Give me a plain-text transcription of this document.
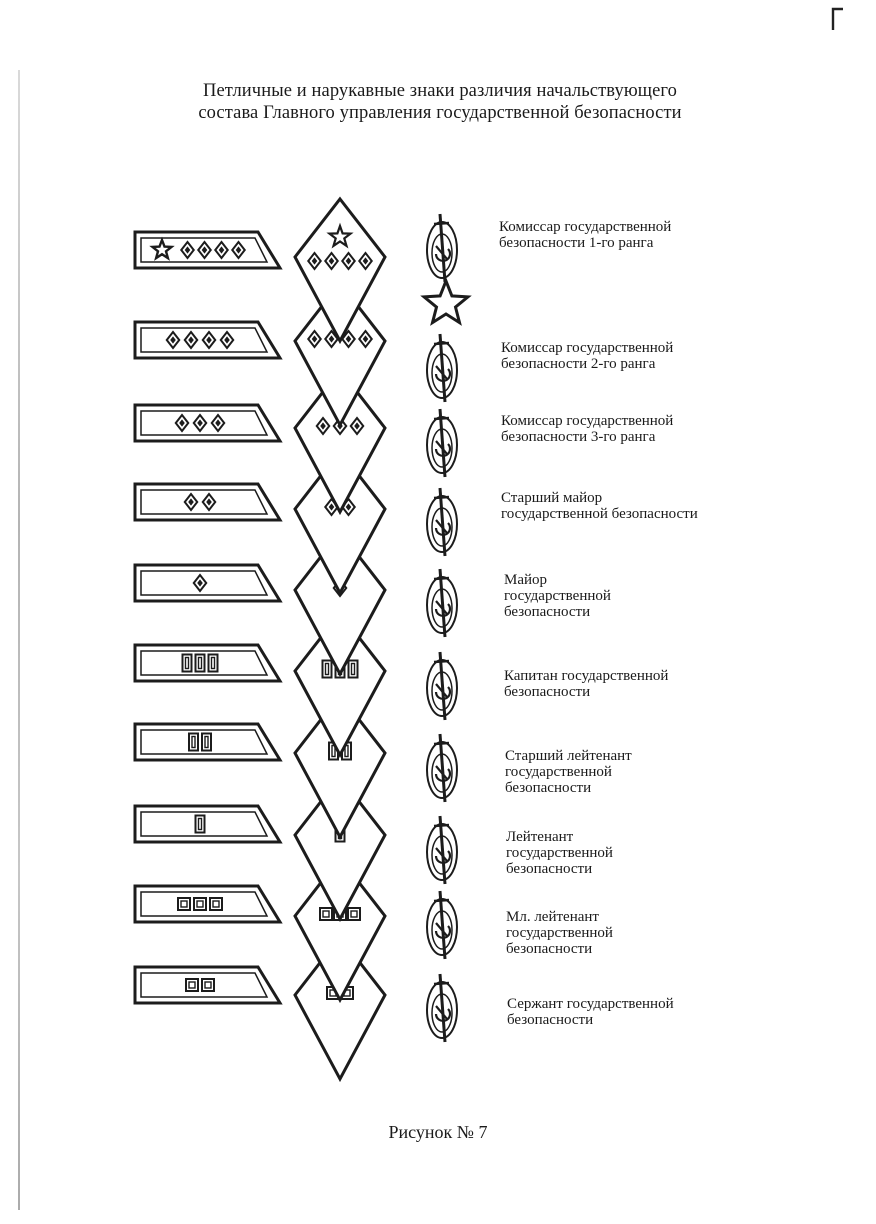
Петличные и нарукавные знаки различия начальствующего
состава Главного управления государственной безопасности
Комиссар государственной
безопасности 1-го ранга
Комиссар государственной
безопасности 2-го ранга
Комиссар государственной
безопасности 3-го ранга
Старший майор
государственной безопасности
Майор
государственной
безопасности
Капитан государственной
безопасности
Старший лейтенант
государственной
безопасности
Лейтенант
государственной
безопасности
Мл. лейтенант
государственной
безопасности
Сержант государственной
безопасности
Рисунок № 7
